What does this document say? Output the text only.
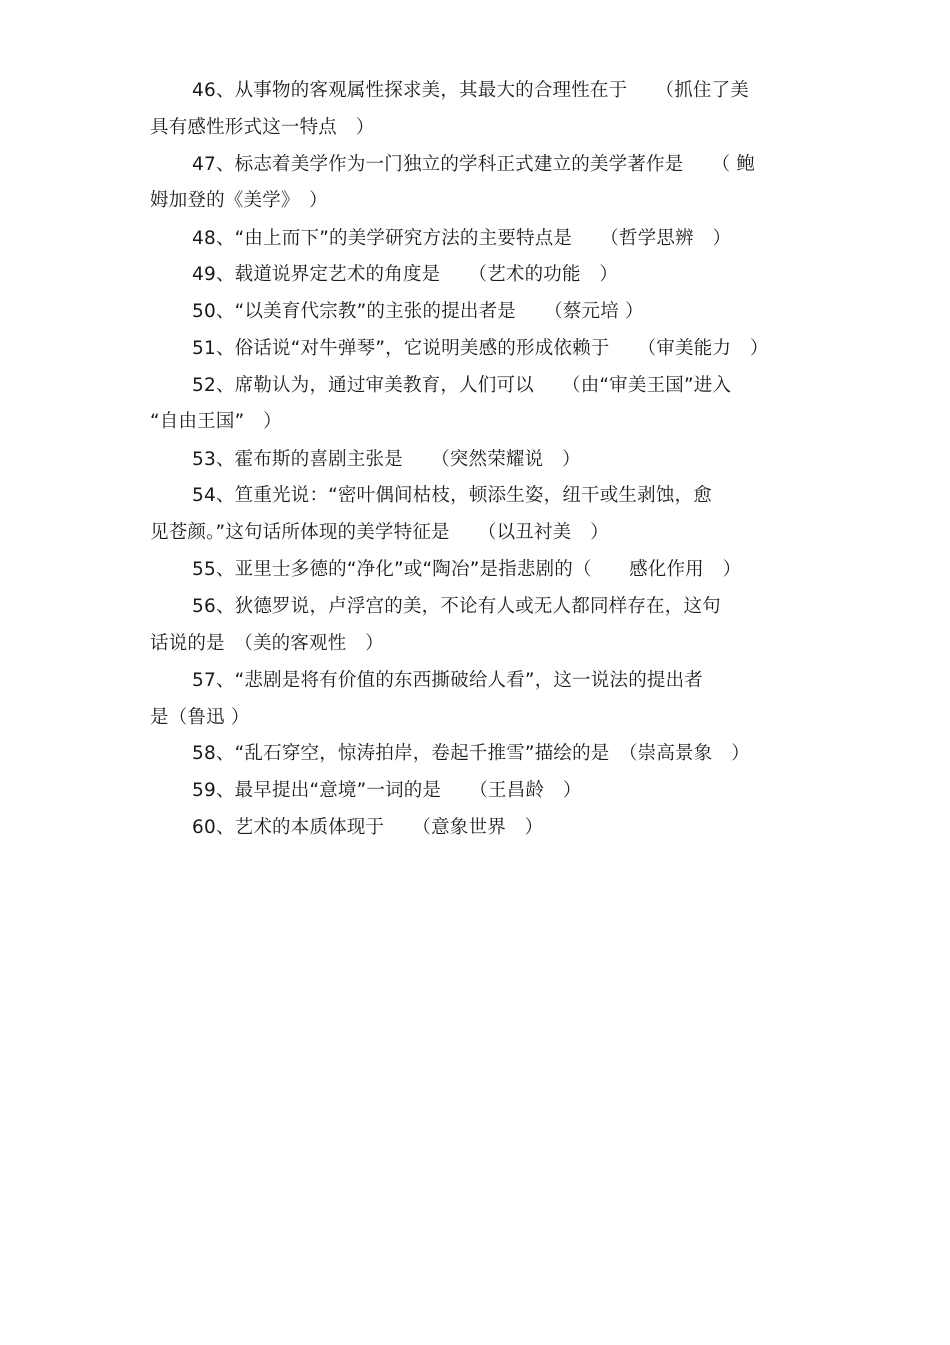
46、从事物的客观属性探求美，其最大的合理性在于　　（抓住了美
具有感性形式这一特点　）
47、标志着美学作为一门独立的学科正式建立的美学著作是　　（ 鲍
姆加登的《美学》　）
48、“由上而下”的美学研究方法的主要特点是　　（哲学思辨　）
49、载道说界定艺术的角度是　　（艺术的功能　）
50、“以美育代宗教”的主张的提出者是　　（蔡元培 ）
51、俗话说“对牛弹琴”，它说明美感的形成依赖于　　（审美能力　）
52、席勒认为，通过审美教育，人们可以　　（由“审美王国”进入
“自由王国”　）
53、霍布斯的喜剧主张是　　（突然荣耀说　）
54、笪重光说：“密叶偶间枯枝，顿添生姿，纽干或生剥蚀，愈
见苍颜。”这句话所体现的美学特征是　　（以丑衬美　）
55、亚里士多德的“净化”或“陶冶”是指悲剧的（　　感化作用　）
56、狄德罗说，卢浮宫的美，不论有人或无人都同样存在，这句
话说的是　（美的客观性　）
57、“悲剧是将有价值的东西撕破给人看”，这一说法的提出者
是（鲁迅 ）
58、“乱石穿空，惊涛拍岸，卷起千推雪”描绘的是　（崇高景象　）
59、最早提出“意境”一词的是　　（王昌龄　）
60、艺术的本质体现于　　（意象世界　）
